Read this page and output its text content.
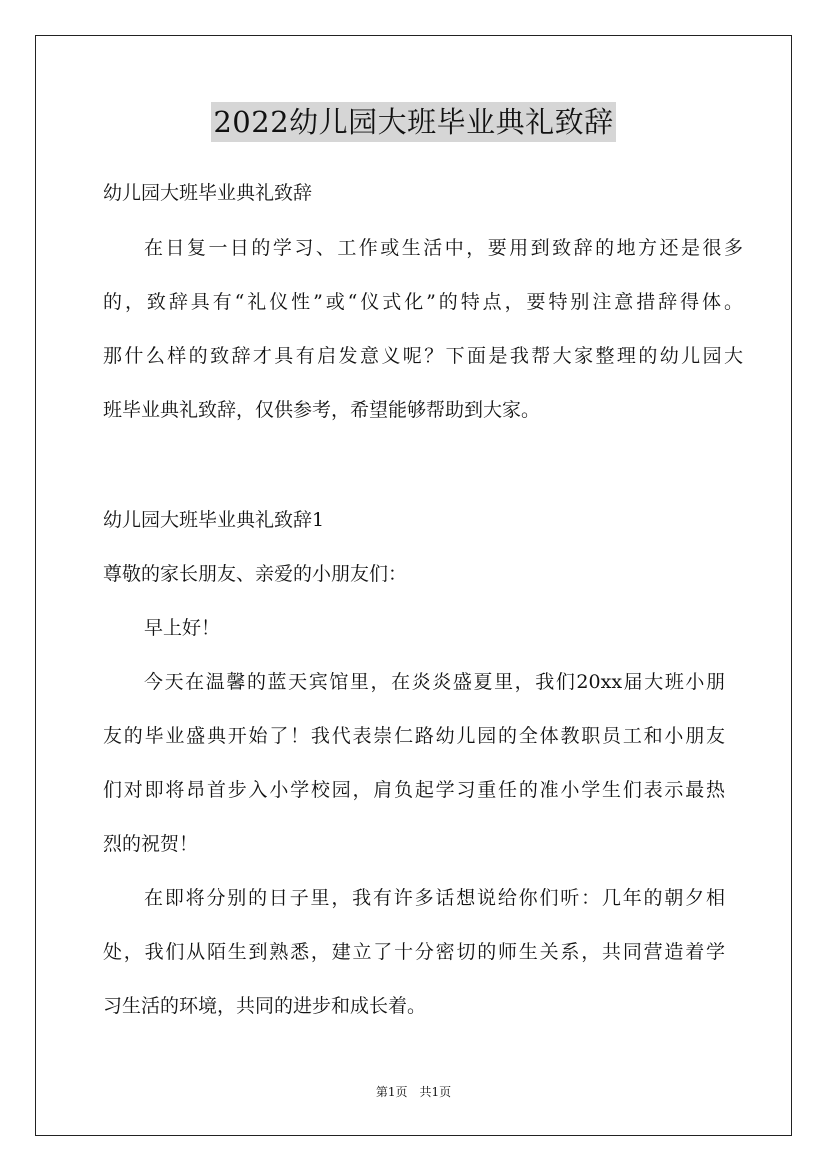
2022幼儿园大班毕业典礼致辞
幼儿园大班毕业典礼致辞
在日复一日的学习、工作或生活中，要用到致辞的地方还是很多
的，致辞具有“礼仪性”或“仪式化”的特点，要特别注意措辞得体。
那什么样的致辞才具有启发意义呢？下面是我帮大家整理的幼儿园大
班毕业典礼致辞，仅供参考，希望能够帮助到大家。
幼儿园大班毕业典礼致辞1
尊敬的家长朋友、亲爱的小朋友们：
早上好！
今天在温馨的蓝天宾馆里，在炎炎盛夏里，我们20xx届大班小朋
友的毕业盛典开始了！我代表崇仁路幼儿园的全体教职员工和小朋友
们对即将昂首步入小学校园，肩负起学习重任的准小学生们表示最热
烈的祝贺！
在即将分别的日子里，我有许多话想说给你们听：几年的朝夕相
处，我们从陌生到熟悉，建立了十分密切的师生关系，共同营造着学
习生活的环境，共同的进步和成长着。
第1页 共1页
